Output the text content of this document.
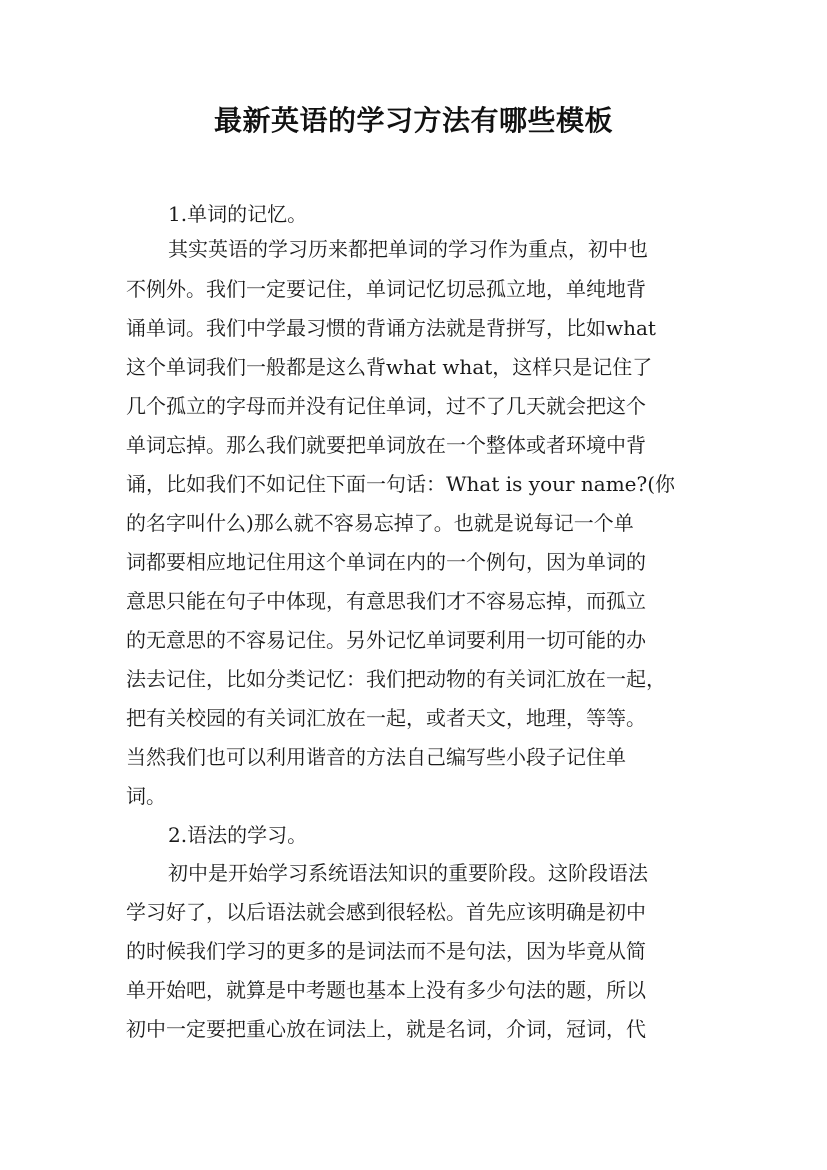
最新英语的学习方法有哪些模板
1.单词的记忆。
其实英语的学习历来都把单词的学习作为重点，初中也
不例外。我们一定要记住，单词记忆切忌孤立地，单纯地背
诵单词。我们中学最习惯的背诵方法就是背拼写，比如what
这个单词我们一般都是这么背what what，这样只是记住了
几个孤立的字母而并没有记住单词，过不了几天就会把这个
单词忘掉。那么我们就要把单词放在一个整体或者环境中背
诵，比如我们不如记住下面一句话：What is your name?(你
的名字叫什么)那么就不容易忘掉了。也就是说每记一个单
词都要相应地记住用这个单词在内的一个例句，因为单词的
意思只能在句子中体现，有意思我们才不容易忘掉，而孤立
的无意思的不容易记住。另外记忆单词要利用一切可能的办
法去记住，比如分类记忆：我们把动物的有关词汇放在一起，
把有关校园的有关词汇放在一起，或者天文，地理，等等。
当然我们也可以利用谐音的方法自己编写些小段子记住单
词。
2.语法的学习。
初中是开始学习系统语法知识的重要阶段。这阶段语法
学习好了，以后语法就会感到很轻松。首先应该明确是初中
的时候我们学习的更多的是词法而不是句法，因为毕竟从简
单开始吧，就算是中考题也基本上没有多少句法的题，所以
初中一定要把重心放在词法上，就是名词，介词，冠词，代
